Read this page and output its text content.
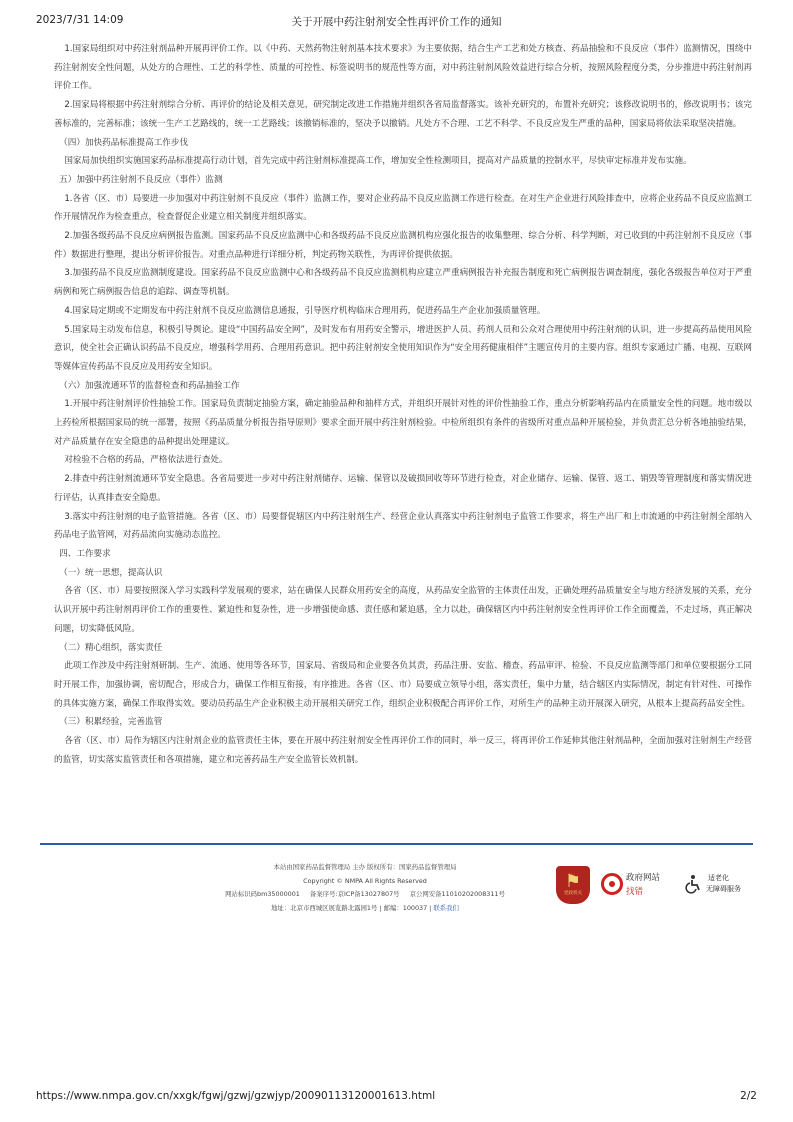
2023/7/31 14:09	关于开展中药注射剂安全性再评价工作的通知

1.国家局组织对中药注射剂品种开展再评价工作。以《中药、天然药物注射剂基本技术要求》为主要依据，结合生产工艺和处方核查、药品抽验和不良反应（事件）监测情况，围绕中药注射剂安全性问题，从处方的合理性、工艺的科学性、质量的可控性、标签说明书的规范性等方面，对中药注射剂风险效益进行综合分析，按照风险程度分类，分步推进中药注射剂再评价工作。

2.国家局将根据中药注射剂综合分析、再评价的结论及相关意见，研究制定改进工作措施并组织各省局监督落实。该补充研究的，布置补充研究；该修改说明书的，修改说明书；该完善标准的，完善标准；该统一生产工艺路线的，统一工艺路线；该撤销标准的，坚决予以撤销。凡处方不合理、工艺不科学、不良反应发生严重的品种，国家局将依法采取坚决措施。

（四）加快药品标准提高工作步伐

国家局加快组织实施国家药品标准提高行动计划，首先完成中药注射剂标准提高工作，增加安全性检测项目，提高对产品质量的控制水平，尽快审定标准并发布实施。

五）加强中药注射剂不良反应（事件）监测

1.各省（区、市）局要进一步加强对中药注射剂不良反应（事件）监测工作，要对企业药品不良反应监测工作进行检查。在对生产企业进行风险排查中，应将企业药品不良反应监测工作开展情况作为检查重点，检查督促企业建立相关制度并组织落实。

2.加强各级药品不良反应病例报告监测。国家药品不良反应监测中心和各级药品不良反应监测机构应强化报告的收集整理、综合分析、科学判断，对已收到的中药注射剂不良反应（事件）数据进行整理，提出分析评价报告。对重点品种进行详细分析，判定药物关联性，为再评价提供依据。

3.加强药品不良反应监测制度建设。国家药品不良反应监测中心和各级药品不良反应监测机构应建立严重病例报告补充报告制度和死亡病例报告调查制度，强化各级报告单位对于严重病例和死亡病例报告信息的追踪、调查等机制。

4.国家局定期或不定期发布中药注射剂不良反应监测信息通报，引导医疗机构临床合理用药，促进药品生产企业加强质量管理。

5.国家局主动发布信息，积极引导舆论。建设“中国药品安全网”，及时发布有用药安全警示，增进医护人员、药剂人员和公众对合理使用中药注射剂的认识，进一步提高药品使用风险意识，使全社会正确认识药品不良反应，增强科学用药、合理用药意识。把中药注射剂安全使用知识作为“安全用药健康相伴”主题宣传月的主要内容。组织专家通过广播、电视、互联网等媒体宣传药品不良反应及用药安全知识。

（六）加强流通环节的监督检查和药品抽验工作

1.开展中药注射剂评价性抽验工作。国家局负责制定抽验方案，确定抽验品种和抽样方式，并组织开展针对性的评价性抽验工作，重点分析影响药品内在质量安全性的问题。地市级以上药检所根据国家局的统一部署，按照《药品质量分析报告指导原则》要求全面开展中药注射剂检验。中检所组织有条件的省级所对重点品种开展检验，并负责汇总分析各地抽验结果，对产品质量存在安全隐患的品种提出处理建议。

对检验不合格的药品，严格依法进行查处。

2.排查中药注射剂流通环节安全隐患。各省局要进一步对中药注射剂储存、运输、保管以及破损回收等环节进行检查，对企业储存、运输、保管、返工、销毁等管理制度和落实情况进行评估，认真排查安全隐患。

3.落实中药注射剂的电子监管措施。各省（区、市）局要督促辖区内中药注射剂生产、经营企业认真落实中药注射剂电子监管工作要求，将生产出厂和上市流通的中药注射剂全部纳入药品电子监管网，对药品流向实施动态监控。

四、工作要求

（一）统一思想，提高认识

各省（区、市）局要按照深入学习实践科学发展观的要求，站在确保人民群众用药安全的高度，从药品安全监管的主体责任出发，正确处理药品质量安全与地方经济发展的关系，充分认识开展中药注射剂再评价工作的重要性、紧迫性和复杂性，进一步增强使命感、责任感和紧迫感，全力以赴，确保辖区内中药注射剂安全性再评价工作全面覆盖，不走过场，真正解决问题，切实降低风险。

（二）精心组织，落实责任

此项工作涉及中药注射剂研制、生产、流通、使用等各环节，国家局、省级局和企业要各负其责，药品注册、安监、稽查、药品审评、检验、不良反应监测等部门和单位要根据分工同时开展工作，加强协调，密切配合，形成合力，确保工作相互衔接，有序推进。各省（区、市）局要成立领导小组，落实责任，集中力量，结合辖区内实际情况，制定有针对性、可操作的具体实施方案，确保工作取得实效。要动员药品生产企业积极主动开展相关研究工作，组织企业积极配合再评价工作，对所生产的品种主动开展深入研究，从根本上提高药品安全性。

（三）积累经验，完善监管

各省（区、市）局作为辖区内注射剂企业的监管责任主体，要在开展中药注射剂安全性再评价工作的同时，举一反三，将再评价工作延伸其他注射剂品种，全面加强对注射剂生产经营的监管，切实落实监管责任和各项措施，建立和完善药品生产安全监管长效机制。

本站由国家药品监督管理局 主办 版权所有：国家药品监督管理局
Copyright © NMPA All Rights Reserved
网站标识码bm35000001 备案序号:京ICP备13027807号 京公网安备11010202008311号
地址：北京市西城区展览路北露园1号 | 邮编：100037 | 联系我们
⚑
党政机关
政府网站
找错
适老化
无障碍服务
https://www.nmpa.gov.cn/xxgk/fgwj/gzwj/gzwjyp/20090113120001613.html	2/2
